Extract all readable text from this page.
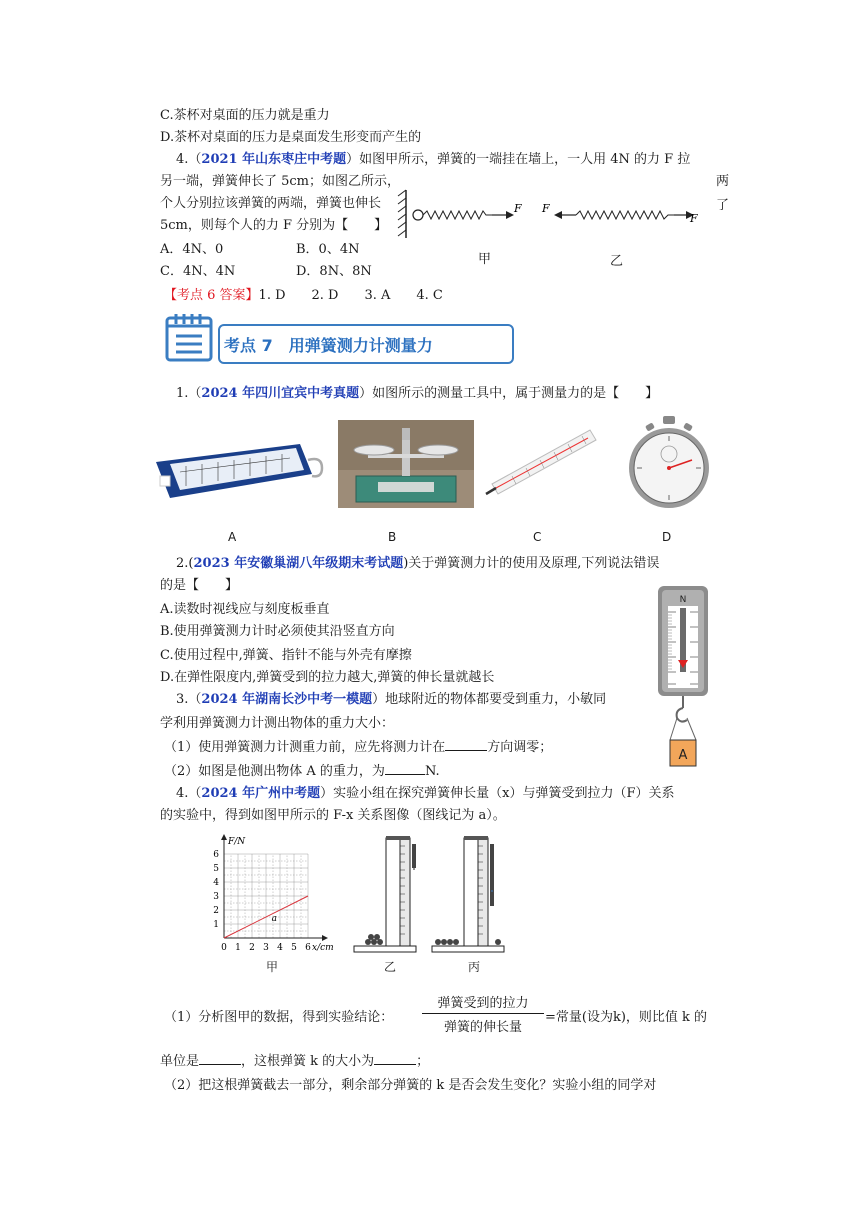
C.茶杯对桌面的压力就是重力
D.茶杯对桌面的压力是桌面发生形变而产生的
4.（2021 年山东枣庄中考题）如图甲所示，弹簧的一端挂在墙上，一人用 4N 的力 F 拉
另一端，弹簧伸长了 5cm；如图乙所示，	两
个人分别拉该弹簧的两端，弹簧也伸长	了
5cm，则每个人的力 F 分别为【　　】
A．4N、0	B．0、4N
C．4N、4N	D．8N、8N
F F
F
甲	乙
【考点 6 答案】1. D　　2. D　　3. A　　4. C
考点 7　用弹簧测力计测量力
1.（2024 年四川宜宾中考真题）如图所示的测量工具中，属于测量力的是【　　】
A	B	C	D
2.(2023 年安徽巢湖八年级期末考试题)关于弹簧测力计的使用及原理,下列说法错误
的是【　　】
A.读数时视线应与刻度板垂直
B.使用弹簧测力计时必须使其沿竖直方向
C.使用过程中,弹簧、指针不能与外壳有摩擦
D.在弹性限度内,弹簧受到的拉力越大,弹簧的伸长量就越长
N
A
3.（2024 年湖南长沙中考一模题）地球附近的物体都要受到重力，小敏同
学利用弹簧测力计测出物体的重力大小：
（1）使用弹簧测力计测重力前，应先将测力计在	方向调零；
（2）如图是他测出物体 A 的重力，为	N.
4.（2024 年广州中考题）实验小组在探究弹簧伸长量（x）与弹簧受到拉力（F）关系
的实验中，得到如图甲所示的 F-x 关系图像（图线记为 a）。
F/N
x/cm
0 1 2 3 4 5 6
1
2
3
4
5
6
a
甲	乙	丙
（1）分析图甲的数据，得到实验结论：
弹簧受到的拉力
弹簧的伸长量
=常量(设为k)，则比值 k 的
单位是	，这根弹簧 k 的大小为	；
（2）把这根弹簧截去一部分，剩余部分弹簧的 k 是否会发生变化？实验小组的同学对
